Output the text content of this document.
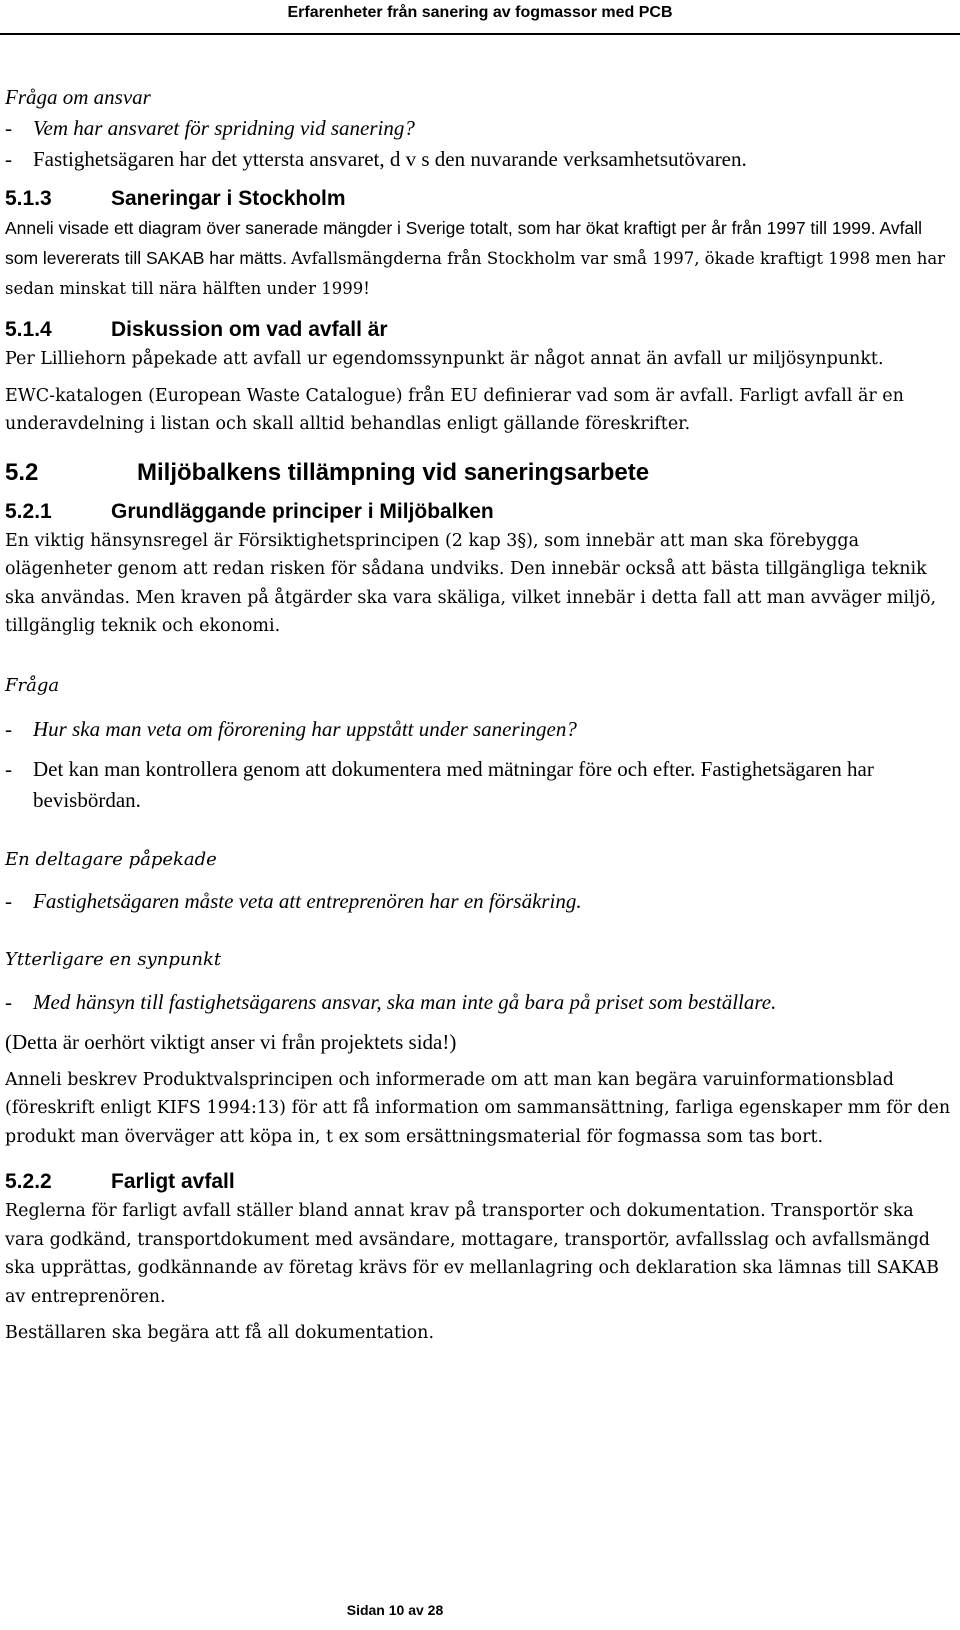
Erfarenheter från sanering av fogmassor med PCB
Fråga om ansvar
-	Vem har ansvaret för spridning vid sanering?
-	Fastighetsägaren har det yttersta ansvaret, d v s den nuvarande verksamhetsutövaren.
5.1.3	Saneringar i Stockholm
Anneli visade ett diagram över sanerade mängder i Sverige totalt, som har ökat kraftigt per år från 1997 till 1999. Avfall som levererats till SAKAB har mätts. Avfallsmängderna från Stockholm var små 1997, ökade kraftigt 1998 men har sedan minskat till nära hälften under 1999!
5.1.4	Diskussion om vad avfall är
Per Lilliehorn påpekade att avfall ur egendomssynpunkt är något annat än avfall ur miljösynpunkt.
EWC-katalogen (European Waste Catalogue) från EU definierar vad som är avfall. Farligt avfall är en underavdelning i listan och skall alltid behandlas enligt gällande föreskrifter.
5.2	Miljöbalkens tillämpning vid saneringsarbete
5.2.1	Grundläggande principer i Miljöbalken
En viktig hänsynsregel är Försiktighetsprincipen (2 kap 3§), som innebär att man ska förebygga olägenheter genom att redan risken för sådana undviks. Den innebär också att bästa tillgängliga teknik ska användas. Men kraven på åtgärder ska vara skäliga, vilket innebär i detta fall att man avväger miljö, tillgänglig teknik och ekonomi.
Fråga
-	Hur ska man veta om förorening har uppstått under saneringen?
-	Det kan man kontrollera genom att dokumentera med mätningar före och efter. Fastighetsägaren har bevisbördan.
En deltagare påpekade
-	Fastighetsägaren måste veta att entreprenören har en försäkring.
Ytterligare en synpunkt
-	Med hänsyn till fastighetsägarens ansvar, ska man inte gå bara på priset som beställare.
(Detta är oerhört viktigt anser vi från projektets sida!)
Anneli beskrev Produktvalsprincipen och informerade om att man kan begära varuinformationsblad (föreskrift enligt KIFS 1994:13) för att få information om sammansättning, farliga egenskaper mm för den produkt man överväger att köpa in, t ex som ersättningsmaterial för fogmassa som tas bort.
5.2.2	Farligt avfall
Reglerna för farligt avfall ställer bland annat krav på transporter och dokumentation. Transportör ska vara godkänd, transportdokument med avsändare, mottagare, transportör, avfallsslag och avfallsmängd ska upprättas, godkännande av företag krävs för ev mellanlagring och deklaration ska lämnas till SAKAB av entreprenören.
Beställaren ska begära att få all dokumentation.
Sidan 10 av 28
